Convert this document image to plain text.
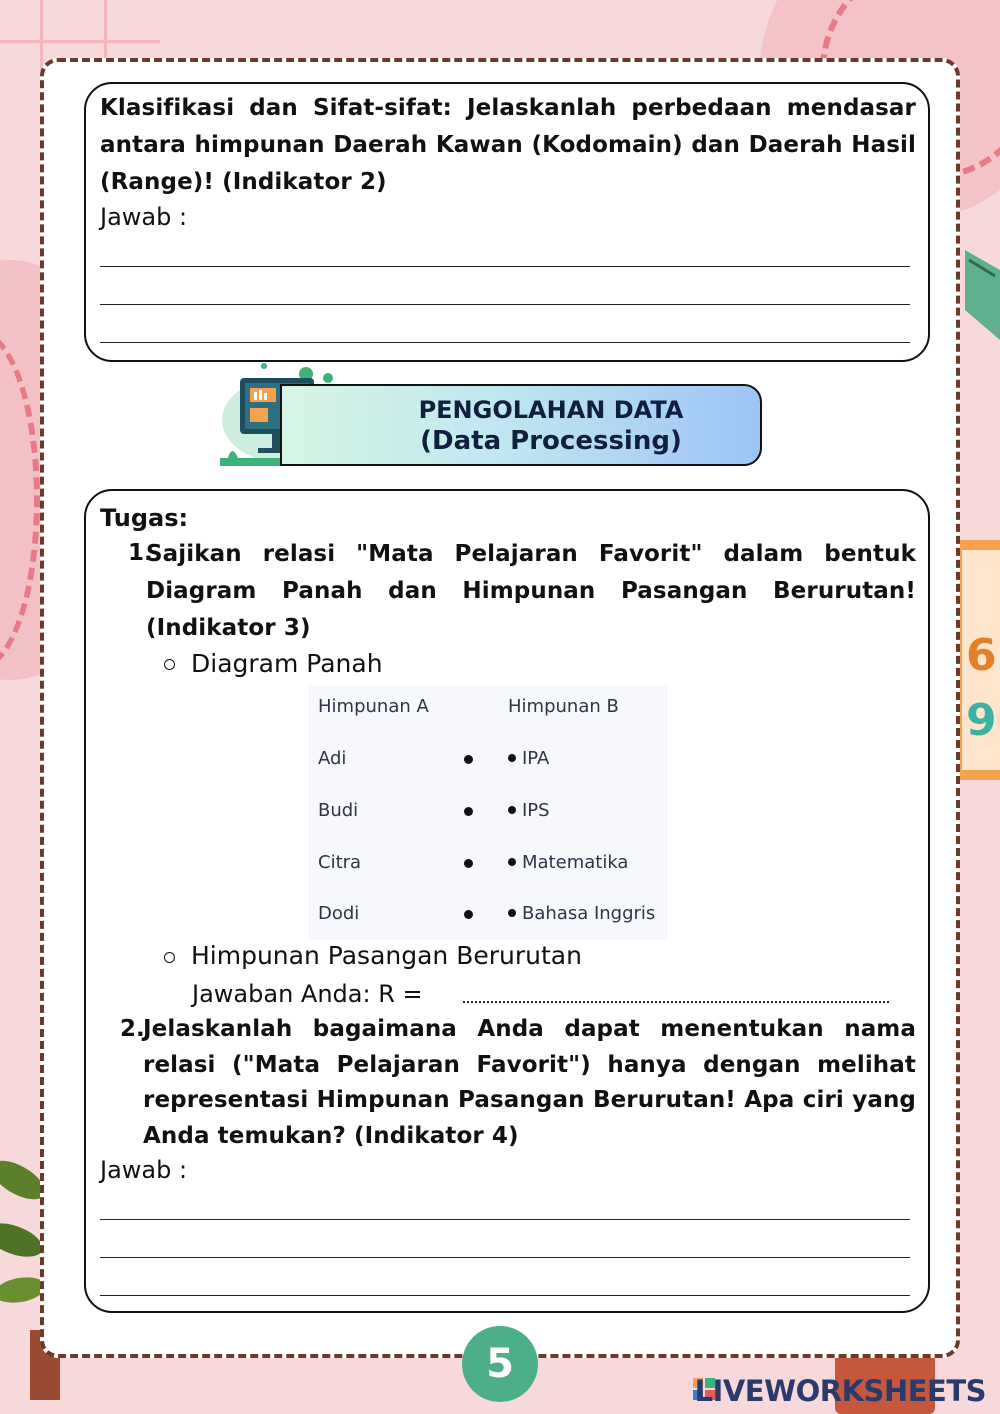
6
9

Klasifikasi dan Sifat-sifat: Jelaskanlah perbedaan mendasar antara himpunan Daerah Kawan (Kodomain) dan Daerah Hasil (Range)! (Indikator 2)

Jawab :

PENGOLAHAN DATA
(Data Processing)

Tugas:

1.

Sajikan relasi "Mata Pelajaran Favorit" dalam bentuk Diagram Panah dan Himpunan Pasangan Berurutan! (Indikator 3)

Diagram Panah

Himpunan A	Himpunan B
Adi	IPA
Budi	IPS
Citra	Matematika
Dodi	Bahasa Inggris

Himpunan Pasangan Berurutan

Jawaban Anda: R =

2.

Jelaskanlah bagaimana Anda dapat menentukan nama relasi ("Mata Pelajaran Favorit") hanya dengan melihat representasi Himpunan Pasangan Berurutan! Apa ciri yang Anda temukan? (Indikator 4)

Jawab :

5
LIVEWORKSHEETS
